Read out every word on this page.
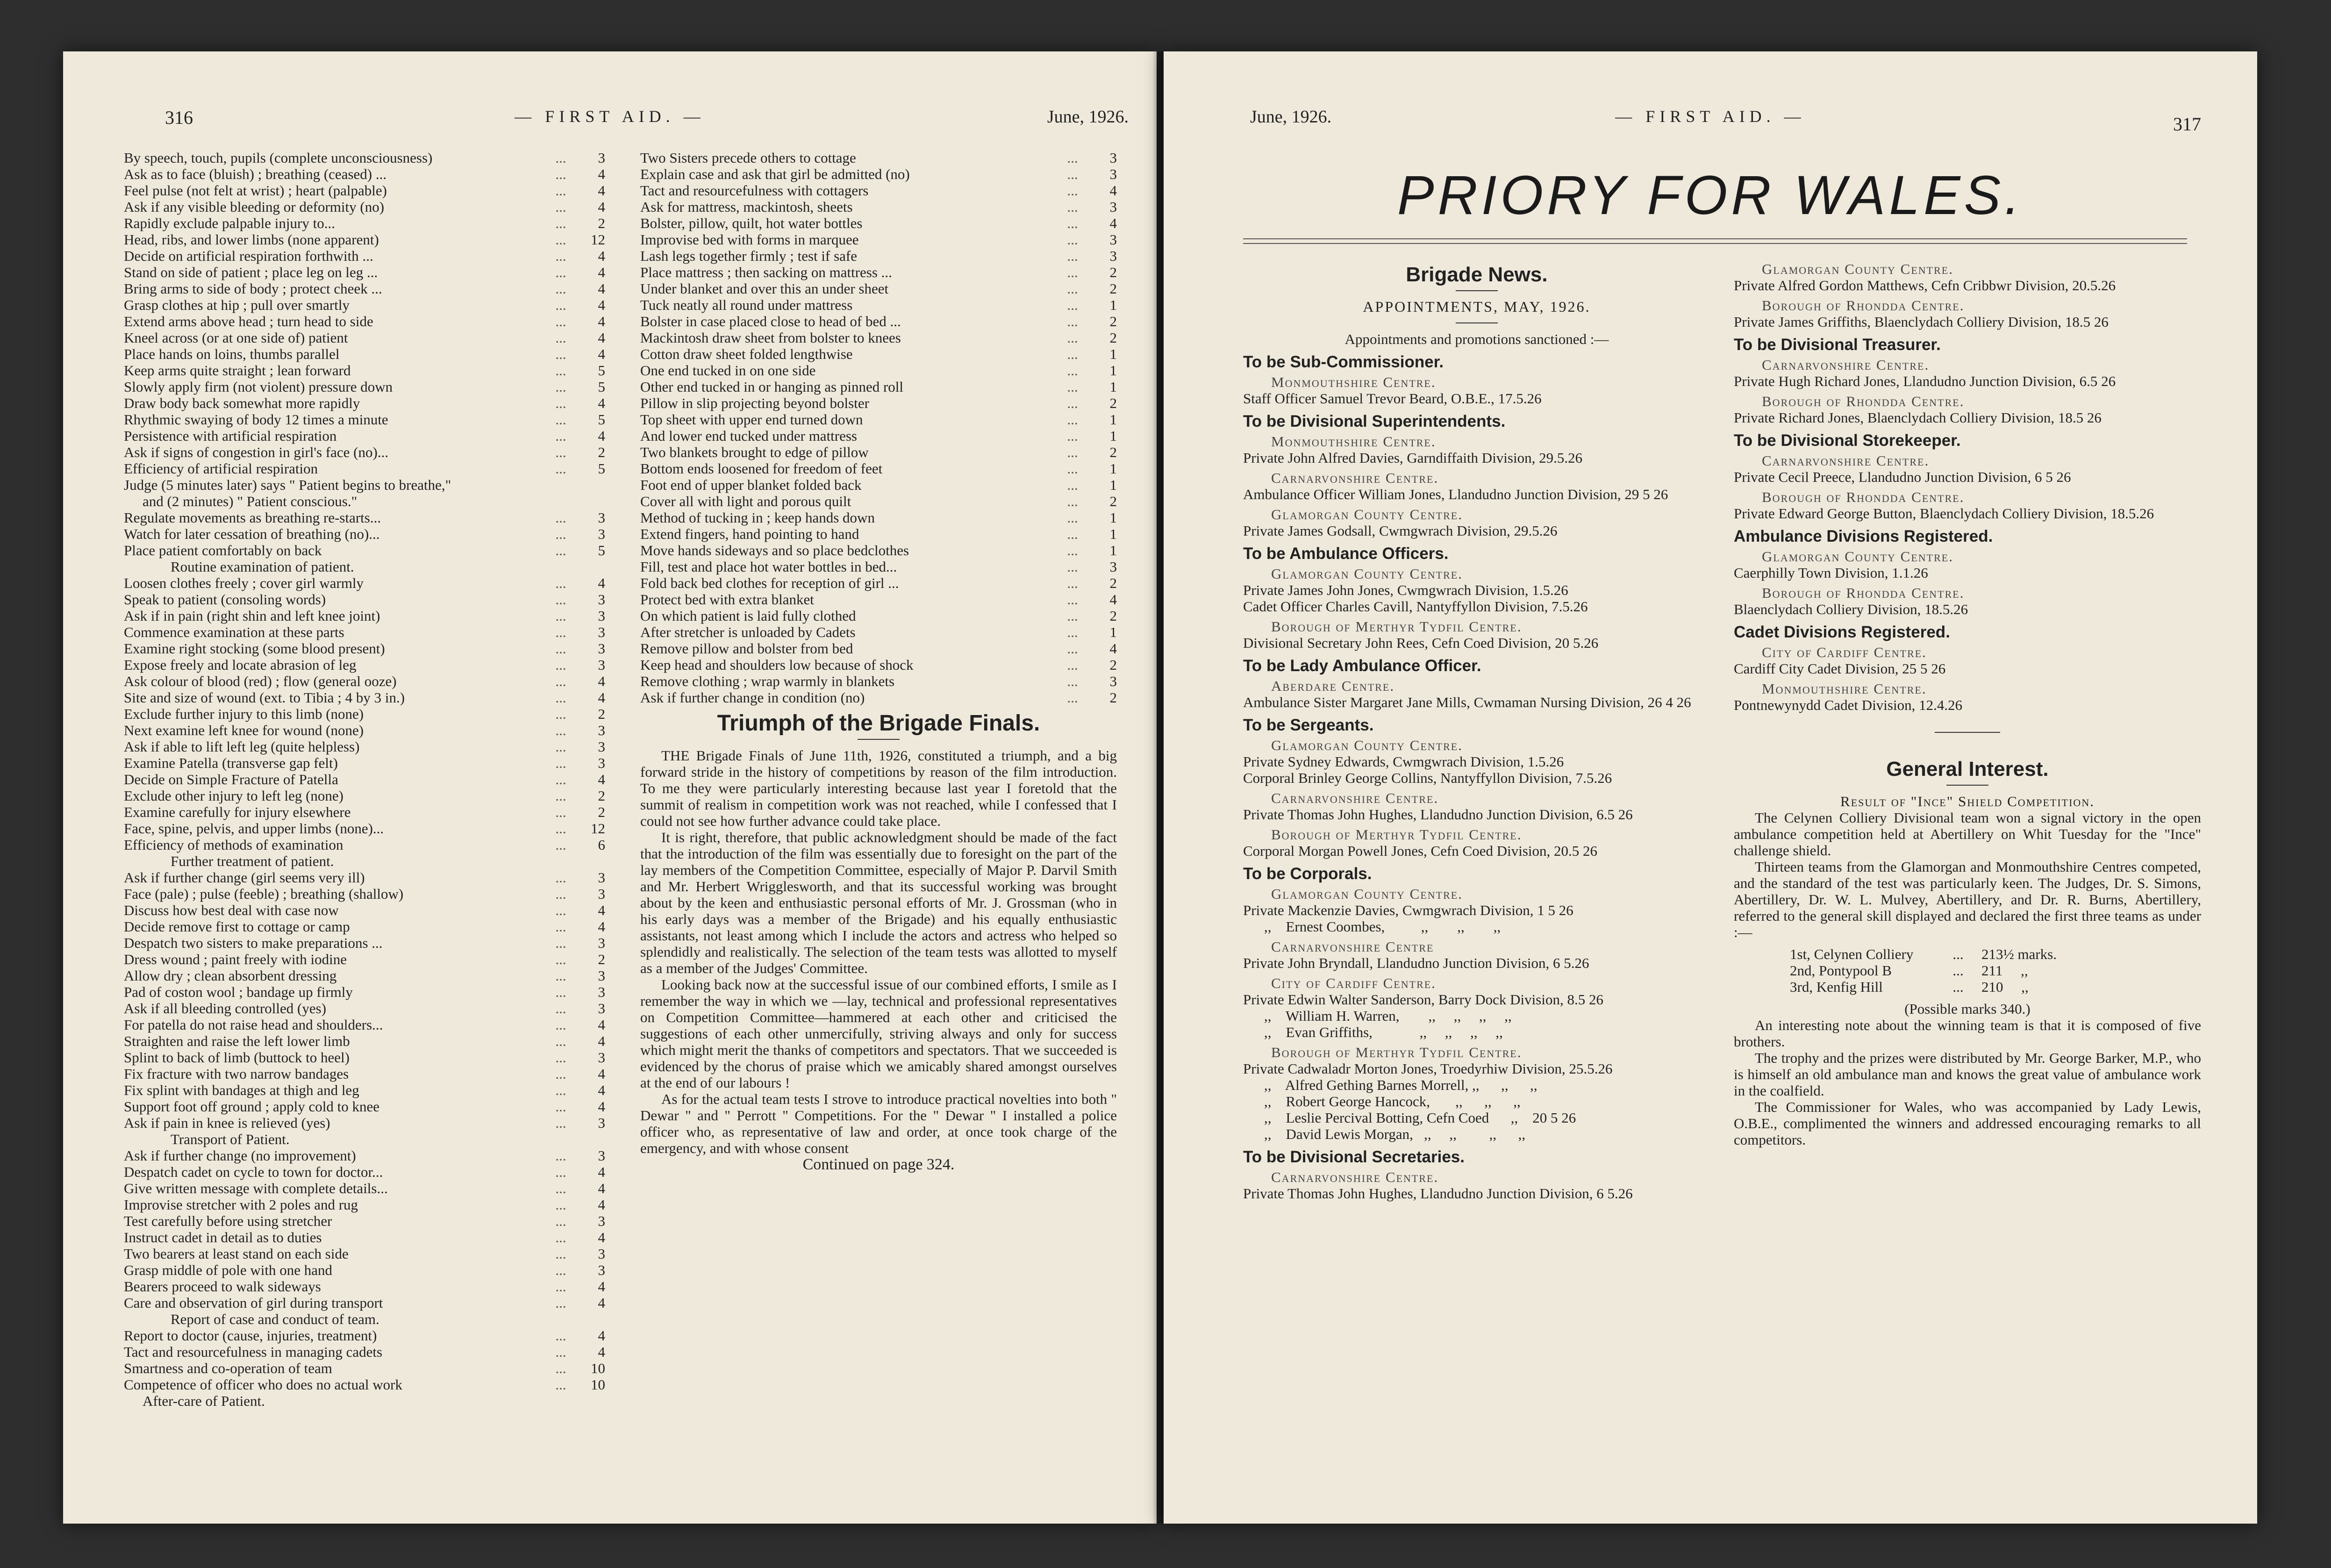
316	— FIRST AID. —	June, 1926.
By speech, touch, pupils (complete unconsciousness)	...	3
Ask as to face (bluish) ; breathing (ceased) ...	...	4
Feel pulse (not felt at wrist) ; heart (palpable)	...	4
Ask if any visible bleeding or deformity (no)	...	4
Rapidly exclude palpable injury to...	...	2
Head, ribs, and lower limbs (none apparent)	...	12
Decide on artificial respiration forthwith ...	...	4
Stand on side of patient ; place leg on leg ...	...	4
Bring arms to side of body ; protect cheek ...	...	4
Grasp clothes at hip ; pull over smartly	...	4
Extend arms above head ; turn head to side	...	4
Kneel across (or at one side of) patient	...	4
Place hands on loins, thumbs parallel	...	4
Keep arms quite straight ; lean forward	...	5
Slowly apply firm (not violent) pressure down	...	5
Draw body back somewhat more rapidly	...	4
Rhythmic swaying of body 12 times a minute	...	5
Persistence with artificial respiration	...	4
Ask if signs of congestion in girl's face (no)...	...	2
Efficiency of artificial respiration	...	5
Judge (5 minutes later) says " Patient begins to breathe,"
and (2 minutes) " Patient conscious."
Regulate movements as breathing re-starts...	...	3
Watch for later cessation of breathing (no)...	...	3
Place patient comfortably on back	...	5
Routine examination of patient.
Loosen clothes freely ; cover girl warmly	...	4
Speak to patient (consoling words)	...	3
Ask if in pain (right shin and left knee joint)	...	3
Commence examination at these parts	...	3
Examine right stocking (some blood present)	...	3
Expose freely and locate abrasion of leg	...	3
Ask colour of blood (red) ; flow (general ooze)	...	4
Site and size of wound (ext. to Tibia ; 4 by 3 in.)	...	4
Exclude further injury to this limb (none)	...	2
Next examine left knee for wound (none)	...	3
Ask if able to lift left leg (quite helpless)	...	3
Examine Patella (transverse gap felt)	...	3
Decide on Simple Fracture of Patella	...	4
Exclude other injury to left leg (none)	...	2
Examine carefully for injury elsewhere	...	2
Face, spine, pelvis, and upper limbs (none)...	...	12
Efficiency of methods of examination	...	6
Further treatment of patient.
Ask if further change (girl seems very ill)	...	3
Face (pale) ; pulse (feeble) ; breathing (shallow)	...	3
Discuss how best deal with case now	...	4
Decide remove first to cottage or camp	...	4
Despatch two sisters to make preparations ...	...	3
Dress wound ; paint freely with iodine	...	2
Allow dry ; clean absorbent dressing	...	3
Pad of coston wool ; bandage up firmly	...	3
Ask if all bleeding controlled (yes)	...	3
For patella do not raise head and shoulders...	...	4
Straighten and raise the left lower limb	...	4
Splint to back of limb (buttock to heel)	...	3
Fix fracture with two narrow bandages	...	4
Fix splint with bandages at thigh and leg	...	4
Support foot off ground ; apply cold to knee	...	4
Ask if pain in knee is relieved (yes)	...	3
Transport of Patient.
Ask if further change (no improvement)	...	3
Despatch cadet on cycle to town for doctor...	...	4
Give written message with complete details...	...	4
Improvise stretcher with 2 poles and rug	...	4
Test carefully before using stretcher	...	3
Instruct cadet in detail as to duties	...	4
Two bearers at least stand on each side	...	3
Grasp middle of pole with one hand	...	3
Bearers proceed to walk sideways	...	4
Care and observation of girl during transport	...	4
Report of case and conduct of team.
Report to doctor (cause, injuries, treatment)	...	4
Tact and resourcefulness in managing cadets	...	4
Smartness and co-operation of team	...	10
Competence of officer who does no actual work	...	10
After-care of Patient.
Two Sisters precede others to cottage	...	3
Explain case and ask that girl be admitted (no)	...	3
Tact and resourcefulness with cottagers	...	4
Ask for mattress, mackintosh, sheets	...	3
Bolster, pillow, quilt, hot water bottles	...	4
Improvise bed with forms in marquee	...	3
Lash legs together firmly ; test if safe	...	3
Place mattress ; then sacking on mattress ...	...	2
Under blanket and over this an under sheet	...	2
Tuck neatly all round under mattress	...	1
Bolster in case placed close to head of bed ...	...	2
Mackintosh draw sheet from bolster to knees	...	2
Cotton draw sheet folded lengthwise	...	1
One end tucked in on one side	...	1
Other end tucked in or hanging as pinned roll	...	1
Pillow in slip projecting beyond bolster	...	2
Top sheet with upper end turned down	...	1
And lower end tucked under mattress	...	1
Two blankets brought to edge of pillow	...	2
Bottom ends loosened for freedom of feet	...	1
Foot end of upper blanket folded back	...	1
Cover all with light and porous quilt	...	2
Method of tucking in ; keep hands down	...	1
Extend fingers, hand pointing to hand	...	1
Move hands sideways and so place bedclothes	...	1
Fill, test and place hot water bottles in bed...	...	3
Fold back bed clothes for reception of girl ...	...	2
Protect bed with extra blanket	...	4
On which patient is laid fully clothed	...	2
After stretcher is unloaded by Cadets	...	1
Remove pillow and bolster from bed	...	4
Keep head and shoulders low because of shock	...	2
Remove clothing ; wrap warmly in blankets	...	3
Ask if further change in condition (no)	...	2
Triumph of the Brigade Finals.

THE Brigade Finals of June 11th, 1926, constituted a triumph, and a big forward stride in the history of competitions by reason of the film introduction. To me they were particularly interesting because last year I foretold that the summit of realism in competition work was not reached, while I confessed that I could not see how further advance could take place.

It is right, therefore, that public acknowledgment should be made of the fact that the introduction of the film was essentially due to foresight on the part of the lay members of the Competition Committee, especially of Major P. Darvil Smith and Mr. Herbert Wrigglesworth, and that its successful working was brought about by the keen and enthusiastic personal efforts of Mr. J. Grossman (who in his early days was a member of the Brigade) and his equally enthusiastic assistants, not least among which I include the actors and actress who helped so splendidly and realistically. The selection of the team tests was allotted to myself as a member of the Judges' Committee.

Looking back now at the successful issue of our combined efforts, I smile as I remember the way in which we —lay, technical and professional representatives on Competition Committee—hammered at each other and criticised the suggestions of each other unmercifully, striving always and only for success which might merit the thanks of competitors and spectators. That we succeeded is evidenced by the chorus of praise which we amicably shared amongst ourselves at the end of our labours !

As for the actual team tests I strove to introduce practical novelties into both " Dewar " and " Perrott " Competitions. For the " Dewar " I installed a police officer who, as representative of law and order, at once took charge of the emergency, and with whose consent

Continued on page 324.

June, 1926.	— FIRST AID. —	317
PRIORY FOR WALES.
Brigade News.

APPOINTMENTS, MAY, 1926.

Appointments and promotions sanctioned :—

To be Sub-Commissioner.
Monmouthshire Centre.
Staff Officer Samuel Trevor Beard, O.B.E., 17.5.26
To be Divisional Superintendents.
Monmouthshire Centre.
Private John Alfred Davies, Garndiffaith Division, 29.5.26
Carnarvonshire Centre.
Ambulance Officer William Jones, Llandudno Junction Division, 29 5 26
Glamorgan County Centre.
Private James Godsall, Cwmgwrach Division, 29.5.26
To be Ambulance Officers.
Glamorgan County Centre.
Private James John Jones, Cwmgwrach Division, 1.5.26
Cadet Officer Charles Cavill, Nantyffyllon Division, 7.5.26
Borough of Merthyr Tydfil Centre.
Divisional Secretary John Rees, Cefn Coed Division, 20 5.26
To be Lady Ambulance Officer.
Aberdare Centre.
Ambulance Sister Margaret Jane Mills, Cwmaman Nursing Division, 26 4 26
To be Sergeants.
Glamorgan County Centre.
Private Sydney Edwards, Cwmgwrach Division, 1.5.26
Corporal Brinley George Collins, Nantyffyllon Division, 7.5.26
Carnarvonshire Centre.
Private Thomas John Hughes, Llandudno Junction Division, 6.5 26
Borough of Merthyr Tydfil Centre.
Corporal Morgan Powell Jones, Cefn Coed Division, 20.5 26
To be Corporals.
Glamorgan County Centre.
Private Mackenzie Davies, Cwmgwrach Division, 1 5 26
,,    Ernest Coombes,          ,,        ,,        ,,
Carnarvonshire Centre
Private John Bryndall, Llandudno Junction Division, 6 5.26
City of Cardiff Centre.
Private Edwin Walter Sanderson, Barry Dock Division, 8.5 26
,,    William H. Warren,        ,,     ,,     ,,     ,,
,,    Evan Griffiths,             ,,     ,,     ,,     ,,
Borough of Merthyr Tydfil Centre.
Private Cadwaladr Morton Jones, Troedyrhiw Division, 25.5.26
,,    Alfred Gething Barnes Morrell, ,,      ,,      ,,
,,    Robert George Hancock,       ,,      ,,      ,,
,,    Leslie Percival Botting, Cefn Coed      ,,    20 5 26
,,    David Lewis Morgan,   ,,     ,,         ,,      ,,
To be Divisional Secretaries.
Carnarvonshire Centre.
Private Thomas John Hughes, Llandudno Junction Division, 6 5.26
Glamorgan County Centre.
Private Alfred Gordon Matthews, Cefn Cribbwr Division, 20.5.26
Borough of Rhondda Centre.
Private James Griffiths, Blaenclydach Colliery Division, 18.5 26
To be Divisional Treasurer.
Carnarvonshire Centre.
Private Hugh Richard Jones, Llandudno Junction Division, 6.5 26
Borough of Rhondda Centre.
Private Richard Jones, Blaenclydach Colliery Division, 18.5 26
To be Divisional Storekeeper.
Carnarvonshire Centre.
Private Cecil Preece, Llandudno Junction Division, 6 5 26
Borough of Rhondda Centre.
Private Edward George Button, Blaenclydach Colliery Division, 18.5.26
Ambulance Divisions Registered.
Glamorgan County Centre.
Caerphilly Town Division, 1.1.26
Borough of Rhondda Centre.
Blaenclydach Colliery Division, 18.5.26
Cadet Divisions Registered.
City of Cardiff Centre.
Cardiff City Cadet Division, 25 5 26
Monmouthshire Centre.
Pontnewynydd Cadet Division, 12.4.26
General Interest.

Result of "Ince" Shield Competition.

The Celynen Colliery Divisional team won a signal victory in the open ambulance competition held at Abertillery on Whit Tuesday for the "Ince" challenge shield.

Thirteen teams from the Glamorgan and Monmouthshire Centres competed, and the standard of the test was particularly keen. The Judges, Dr. S. Simons, Abertillery, Dr. W. L. Mulvey, Abertillery, and Dr. R. Burns, Abertillery, referred to the general skill displayed and declared the first three teams as under :—

1st, Celynen Colliery	...	213½ marks.
2nd, Pontypool B	...	211     ,,
3rd, Kenfig Hill	...	210     ,,

(Possible marks 340.)

An interesting note about the winning team is that it is composed of five brothers.

The trophy and the prizes were distributed by Mr. George Barker, M.P., who is himself an old ambulance man and knows the great value of ambulance work in the coalfield.

The Commissioner for Wales, who was accompanied by Lady Lewis, O.B.E., complimented the winners and addressed encouraging remarks to all competitors.
